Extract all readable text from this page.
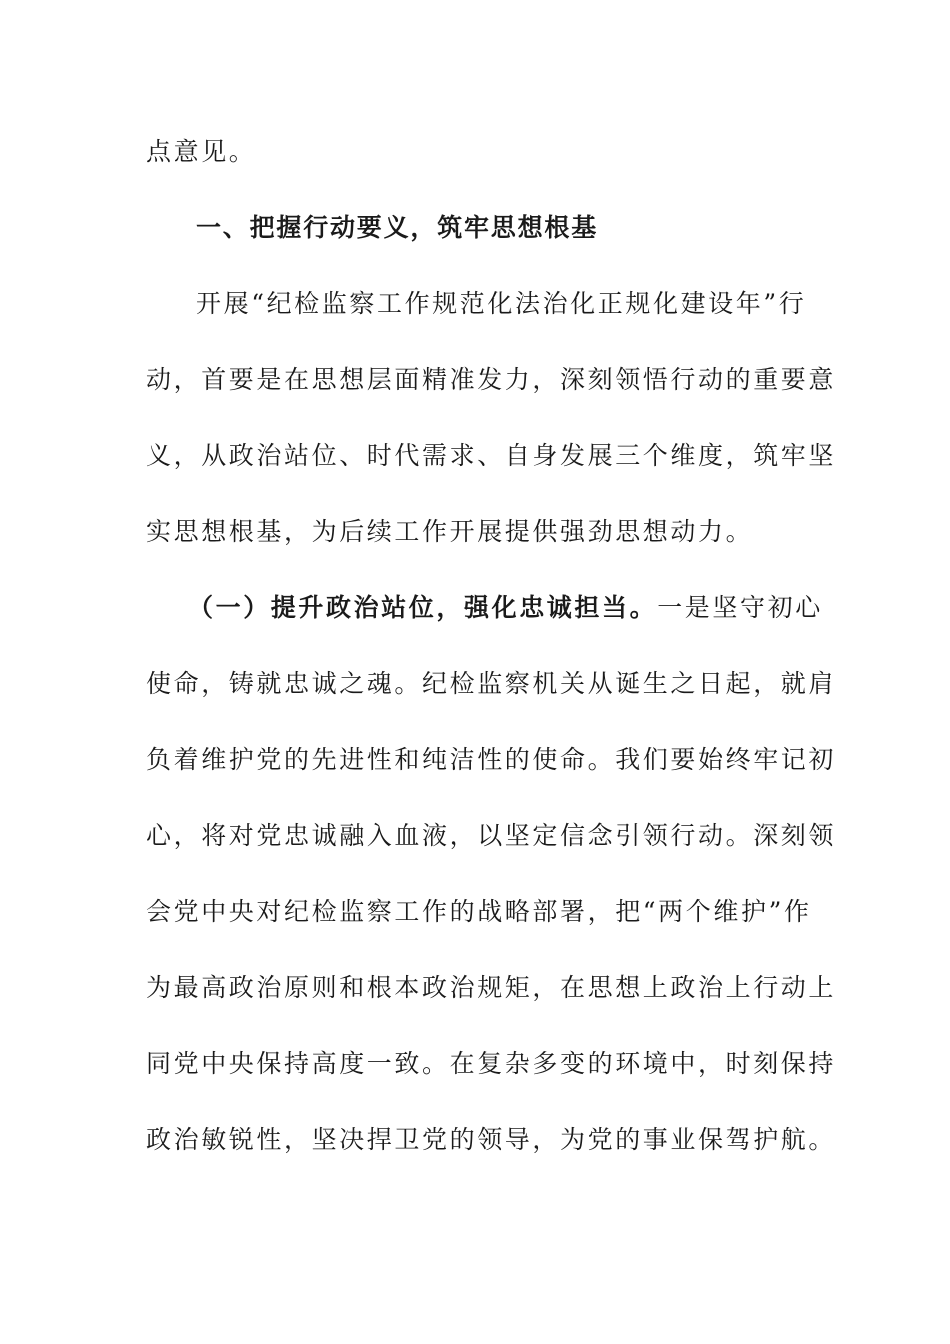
点意见。
一、把握行动要义，筑牢思想根基
开展“纪检监察工作规范化法治化正规化建设年”行
动，首要是在思想层面精准发力，深刻领悟行动的重要意
义，从政治站位、时代需求、自身发展三个维度，筑牢坚
实思想根基，为后续工作开展提供强劲思想动力。
（一）提升政治站位，强化忠诚担当。一是坚守初心
使命，铸就忠诚之魂。纪检监察机关从诞生之日起，就肩
负着维护党的先进性和纯洁性的使命。我们要始终牢记初
心，将对党忠诚融入血液，以坚定信念引领行动。深刻领
会党中央对纪检监察工作的战略部署，把“两个维护”作
为最高政治原则和根本政治规矩，在思想上政治上行动上
同党中央保持高度一致。在复杂多变的环境中，时刻保持
政治敏锐性，坚决捍卫党的领导，为党的事业保驾护航。
